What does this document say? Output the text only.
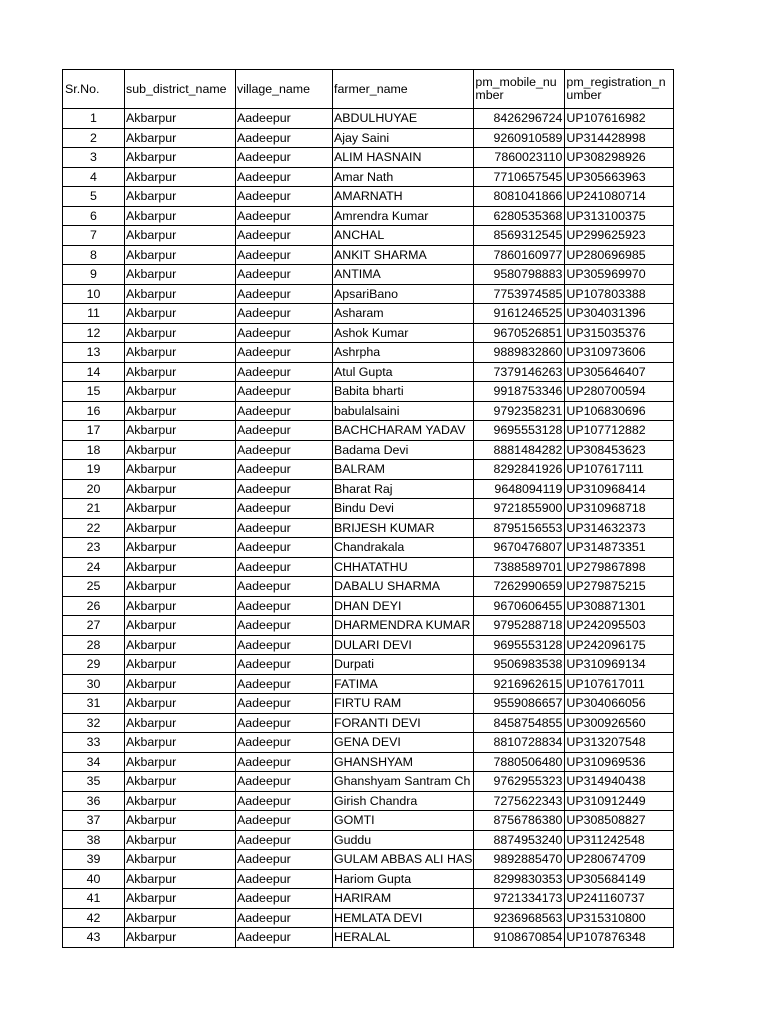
Sr.No.	sub_district_name	village_name	farmer_name	pm_mobile_nu mber	pm_registration_n umber
1	Akbarpur	Aadeepur	ABDULHUYAE	8426296724	UP107616982
2	Akbarpur	Aadeepur	Ajay Saini	9260910589	UP314428998
3	Akbarpur	Aadeepur	ALIM HASNAIN	7860023110	UP308298926
4	Akbarpur	Aadeepur	Amar Nath	7710657545	UP305663963
5	Akbarpur	Aadeepur	AMARNATH	8081041866	UP241080714
6	Akbarpur	Aadeepur	Amrendra Kumar	6280535368	UP313100375
7	Akbarpur	Aadeepur	ANCHAL	8569312545	UP299625923
8	Akbarpur	Aadeepur	ANKIT SHARMA	7860160977	UP280696985
9	Akbarpur	Aadeepur	ANTIMA	9580798883	UP305969970
10	Akbarpur	Aadeepur	ApsariBano	7753974585	UP107803388
11	Akbarpur	Aadeepur	Asharam	9161246525	UP304031396
12	Akbarpur	Aadeepur	Ashok Kumar	9670526851	UP315035376
13	Akbarpur	Aadeepur	Ashrpha	9889832860	UP310973606
14	Akbarpur	Aadeepur	Atul Gupta	7379146263	UP305646407
15	Akbarpur	Aadeepur	Babita bharti	9918753346	UP280700594
16	Akbarpur	Aadeepur	babulalsaini	9792358231	UP106830696
17	Akbarpur	Aadeepur	BACHCHARAM YADAV	9695553128	UP107712882
18	Akbarpur	Aadeepur	Badama Devi	8881484282	UP308453623
19	Akbarpur	Aadeepur	BALRAM	8292841926	UP107617111
20	Akbarpur	Aadeepur	Bharat Raj	9648094119	UP310968414
21	Akbarpur	Aadeepur	Bindu Devi	9721855900	UP310968718
22	Akbarpur	Aadeepur	BRIJESH KUMAR	8795156553	UP314632373
23	Akbarpur	Aadeepur	Chandrakala	9670476807	UP314873351
24	Akbarpur	Aadeepur	CHHATATHU	7388589701	UP279867898
25	Akbarpur	Aadeepur	DABALU SHARMA	7262990659	UP279875215
26	Akbarpur	Aadeepur	DHAN DEYI	9670606455	UP308871301
27	Akbarpur	Aadeepur	DHARMENDRA KUMAR	9795288718	UP242095503
28	Akbarpur	Aadeepur	DULARI DEVI	9695553128	UP242096175
29	Akbarpur	Aadeepur	Durpati	9506983538	UP310969134
30	Akbarpur	Aadeepur	FATIMA	9216962615	UP107617011
31	Akbarpur	Aadeepur	FIRTU RAM	9559086657	UP304066056
32	Akbarpur	Aadeepur	FORANTI DEVI	8458754855	UP300926560
33	Akbarpur	Aadeepur	GENA DEVI	8810728834	UP313207548
34	Akbarpur	Aadeepur	GHANSHYAM	7880506480	UP310969536
35	Akbarpur	Aadeepur	Ghanshyam Santram Ch	9762955323	UP314940438
36	Akbarpur	Aadeepur	Girish Chandra	7275622343	UP310912449
37	Akbarpur	Aadeepur	GOMTI	8756786380	UP308508827
38	Akbarpur	Aadeepur	Guddu	8874953240	UP311242548
39	Akbarpur	Aadeepur	GULAM ABBAS ALI HAS	9892885470	UP280674709
40	Akbarpur	Aadeepur	Hariom Gupta	8299830353	UP305684149
41	Akbarpur	Aadeepur	HARIRAM	9721334173	UP241160737
42	Akbarpur	Aadeepur	HEMLATA DEVI	9236968563	UP315310800
43	Akbarpur	Aadeepur	HERALAL	9108670854	UP107876348
